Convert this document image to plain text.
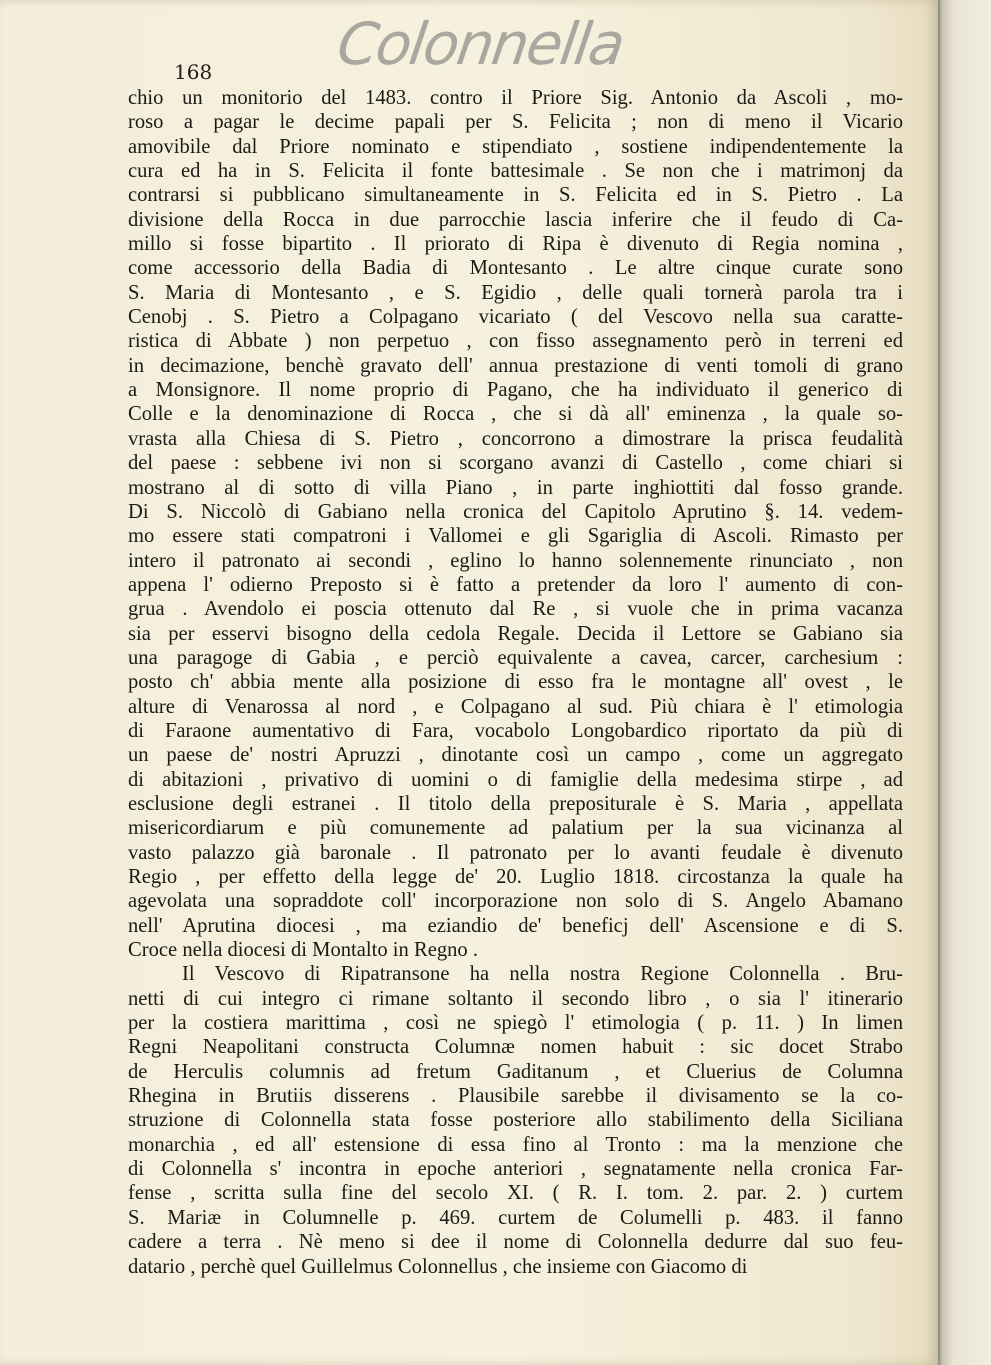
Colonnella
168
chio un monitorio del 1483. contro il Priore Sig. Antonio da Ascoli , mo-
roso a pagar le decime papali per S. Felicita ; non di meno il Vicario
amovibile dal Priore nominato e stipendiato , sostiene indipendentemente la
cura ed ha in S. Felicita il fonte battesimale . Se non che i matrimonj da
contrarsi si pubblicano simultaneamente in S. Felicita ed in S. Pietro . La
divisione della Rocca in due parrocchie lascia inferire che il feudo di Ca-
millo si fosse bipartito . Il priorato di Ripa è divenuto di Regia nomina ,
come accessorio della Badia di Montesanto . Le altre cinque curate sono
S. Maria di Montesanto , e S. Egidio , delle quali tornerà parola tra i
Cenobj . S. Pietro a Colpagano vicariato ( del Vescovo nella sua caratte-
ristica di Abbate ) non perpetuo , con fisso assegnamento però in terreni ed
in decimazione, benchè gravato dell' annua prestazione di venti tomoli di grano
a Monsignore. Il nome proprio di Pagano, che ha individuato il generico di
Colle e la denominazione di Rocca , che si dà all' eminenza , la quale so-
vrasta alla Chiesa di S. Pietro , concorrono a dimostrare la prisca feudalità
del paese : sebbene ivi non si scorgano avanzi di Castello , come chiari si
mostrano al di sotto di villa Piano , in parte inghiottiti dal fosso grande.
Di S. Niccolò di Gabiano nella cronica del Capitolo Aprutino §. 14. vedem-
mo essere stati compatroni i Vallomei e gli Sgariglia di Ascoli. Rimasto per
intero il patronato ai secondi , eglino lo hanno solennemente rinunciato , non
appena l' odierno Preposto si è fatto a pretender da loro l' aumento di con-
grua . Avendolo ei poscia ottenuto dal Re , si vuole che in prima vacanza
sia per esservi bisogno della cedola Regale. Decida il Lettore se Gabiano sia
una paragoge di Gabia , e perciò equivalente a cavea, carcer, carchesium :
posto ch' abbia mente alla posizione di esso fra le montagne all' ovest , le
alture di Venarossa al nord , e Colpagano al sud. Più chiara è l' etimologia
di Faraone aumentativo di Fara, vocabolo Longobardico riportato da più di
un paese de' nostri Apruzzi , dinotante così un campo , come un aggregato
di abitazioni , privativo di uomini o di famiglie della medesima stirpe , ad
esclusione degli estranei . Il titolo della prepositurale è S. Maria , appellata
misericordiarum e più comunemente ad palatium per la sua vicinanza al
vasto palazzo già baronale . Il patronato per lo avanti feudale è divenuto
Regio , per effetto della legge de' 20. Luglio 1818. circostanza la quale ha
agevolata una sopraddote coll' incorporazione non solo di S. Angelo Abamano
nell' Aprutina diocesi , ma eziandio de' beneficj dell' Ascensione e di S.
Croce nella diocesi di Montalto in Regno .
Il Vescovo di Ripatransone ha nella nostra Regione Colonnella . Bru-
netti di cui integro ci rimane soltanto il secondo libro , o sia l' itinerario
per la costiera marittima , così ne spiegò l' etimologia ( p. 11. ) In limen
Regni Neapolitani constructa Columnæ nomen habuit : sic docet Strabo
de Herculis columnis ad fretum Gaditanum , et Cluerius de Columna
Rhegina in Brutiis disserens . Plausibile sarebbe il divisamento se la co-
struzione di Colonnella stata fosse posteriore allo stabilimento della Siciliana
monarchia , ed all' estensione di essa fino al Tronto : ma la menzione che
di Colonnella s' incontra in epoche anteriori , segnatamente nella cronica Far-
fense , scritta sulla fine del secolo XI. ( R. I. tom. 2. par. 2. ) curtem
S. Mariæ in Columnelle p. 469. curtem de Columelli p. 483. il fanno
cadere a terra . Nè meno si dee il nome di Colonnella dedurre dal suo feu-
datario , perchè quel Guillelmus Colonnellus , che insieme con Giacomo di
